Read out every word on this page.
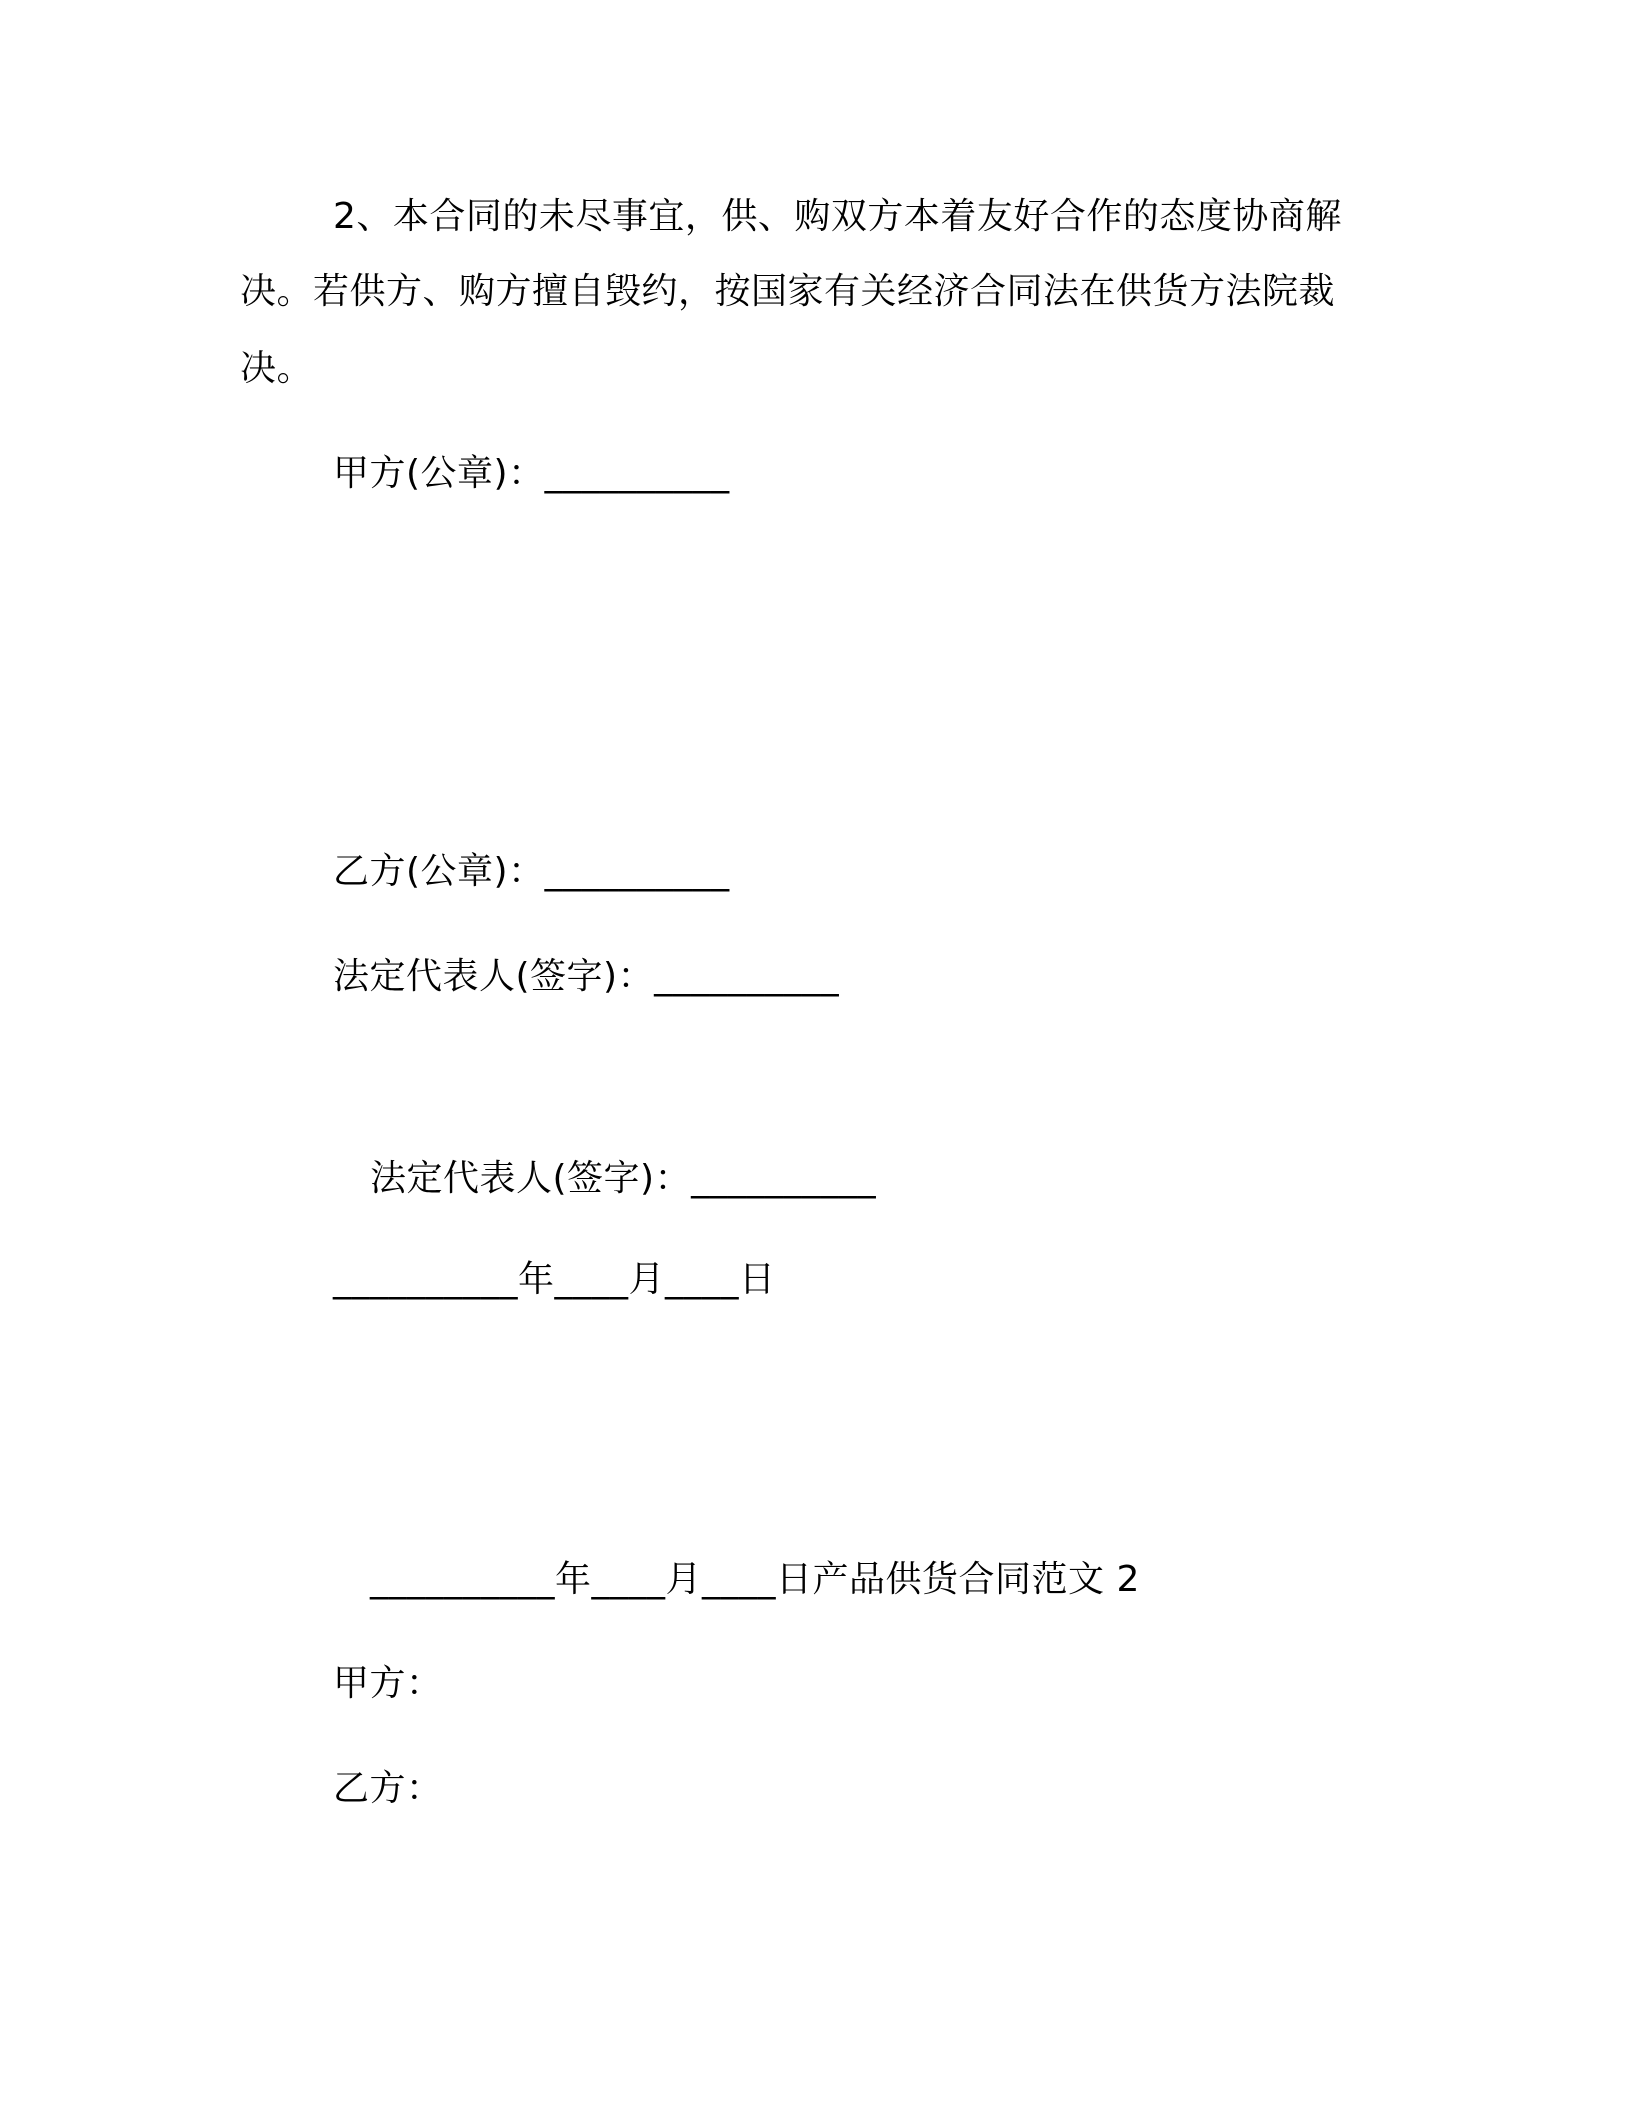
2、本合同的未尽事宜，供、购双方本着友好合作的态度协商解
决。若供方、购方擅自毁约，按国家有关经济合同法在供货方法院裁
决。
甲方(公章)：__________
乙方(公章)：__________
法定代表人(签字)：__________
法定代表人(签字)：__________
__________年____月____日
__________年____月____日产品供货合同范文 2
甲方：
乙方：
